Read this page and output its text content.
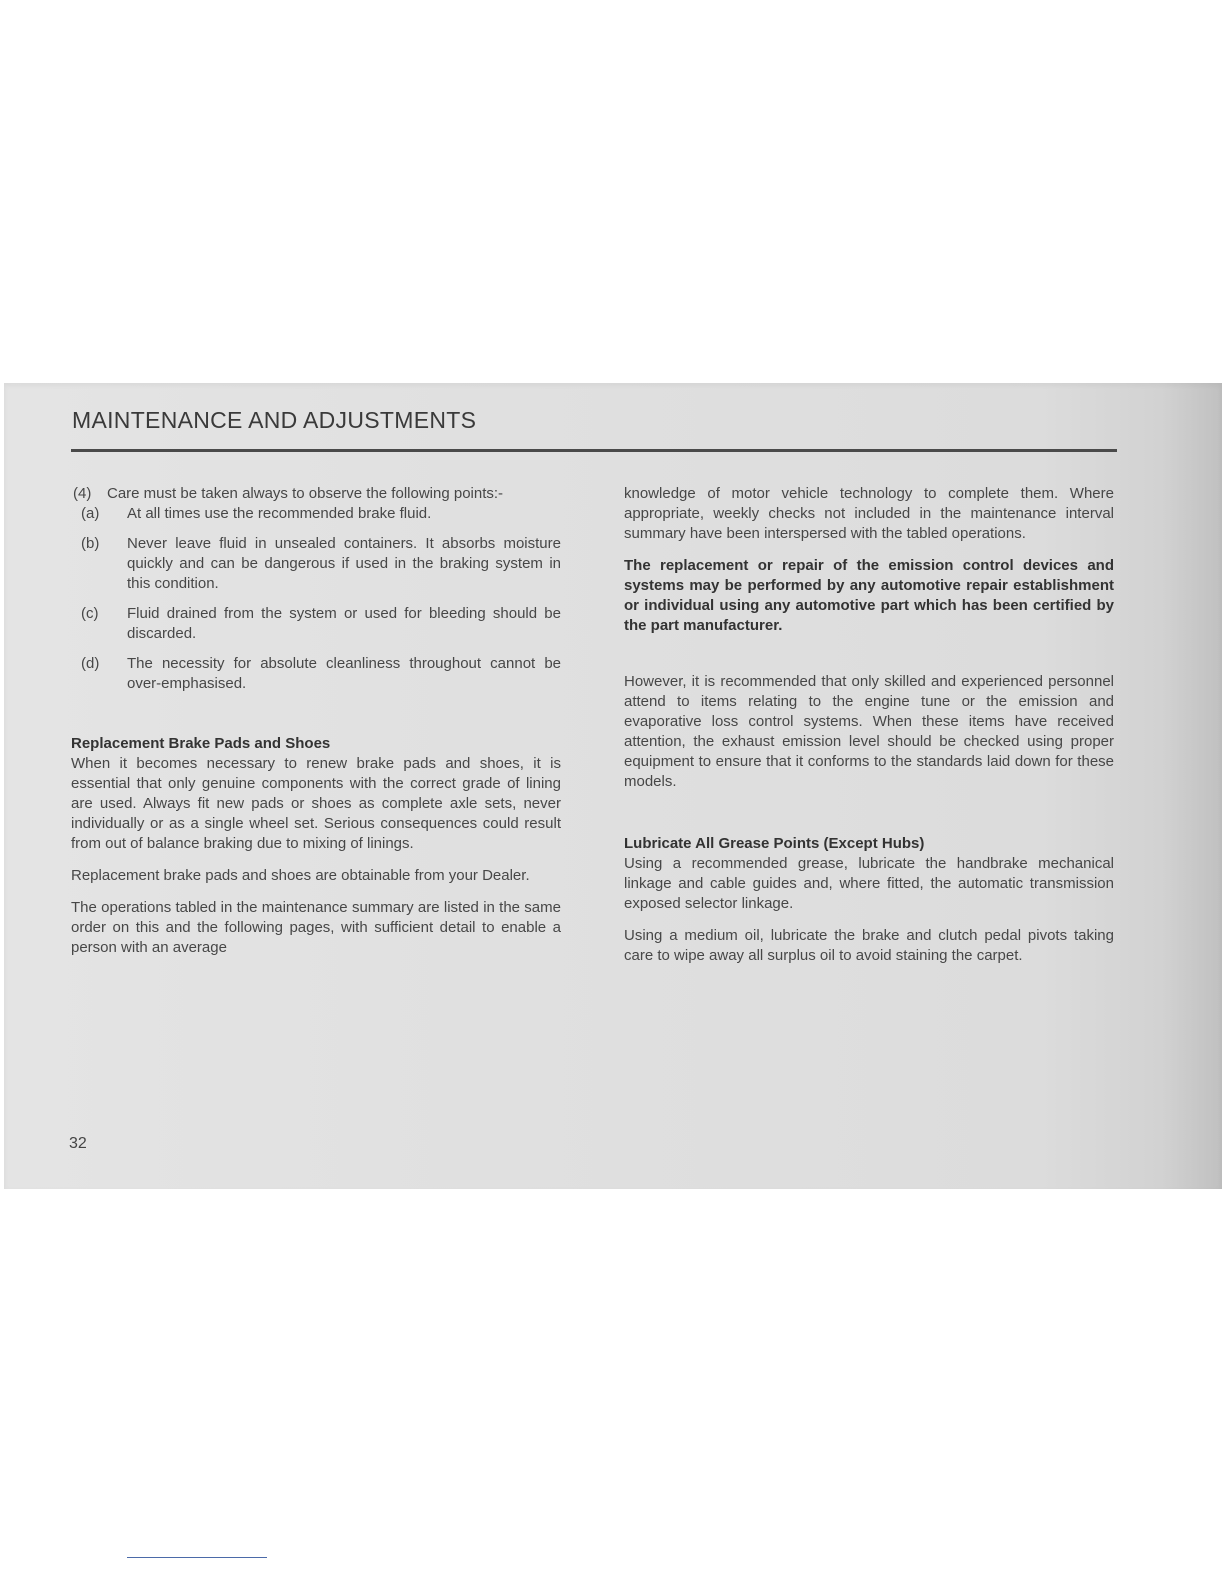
MAINTENANCE AND ADJUSTMENTS
(4) Care must be taken always to observe the following points:-

(a) At all times use the recommended brake fluid.

(b) Never leave fluid in unsealed containers. It absorbs moisture quickly and can be dangerous if used in the braking system in this condition.

(c) Fluid drained from the system or used for bleeding should be discarded.

(d) The necessity for absolute cleanliness throughout cannot be over-emphasised.

Replacement Brake Pads and Shoes

When it becomes necessary to renew brake pads and shoes, it is essential that only genuine components with the correct grade of lining are used. Always fit new pads or shoes as complete axle sets, never individually or as a single wheel set. Serious consequences could result from out of balance braking due to mixing of linings.

Replacement brake pads and shoes are obtainable from your Dealer.

The operations tabled in the maintenance summary are listed in the same order on this and the following pages, with sufficient detail to enable a person with an average

knowledge of motor vehicle technology to complete them. Where appropriate, weekly checks not included in the maintenance interval summary have been interspersed with the tabled operations.

The replacement or repair of the emission control devices and systems may be performed by any automotive repair establishment or individual using any automotive part which has been certified by the part manufacturer.

However, it is recommended that only skilled and experienced personnel attend to items relating to the engine tune or the emission and evaporative loss control systems. When these items have received attention, the exhaust emission level should be checked using proper equipment to ensure that it conforms to the standards laid down for these models.

Lubricate All Grease Points (Except Hubs)

Using a recommended grease, lubricate the handbrake mechanical linkage and cable guides and, where fitted, the automatic transmission exposed selector linkage.

Using a medium oil, lubricate the brake and clutch pedal pivots taking care to wipe away all surplus oil to avoid staining the carpet.

32
